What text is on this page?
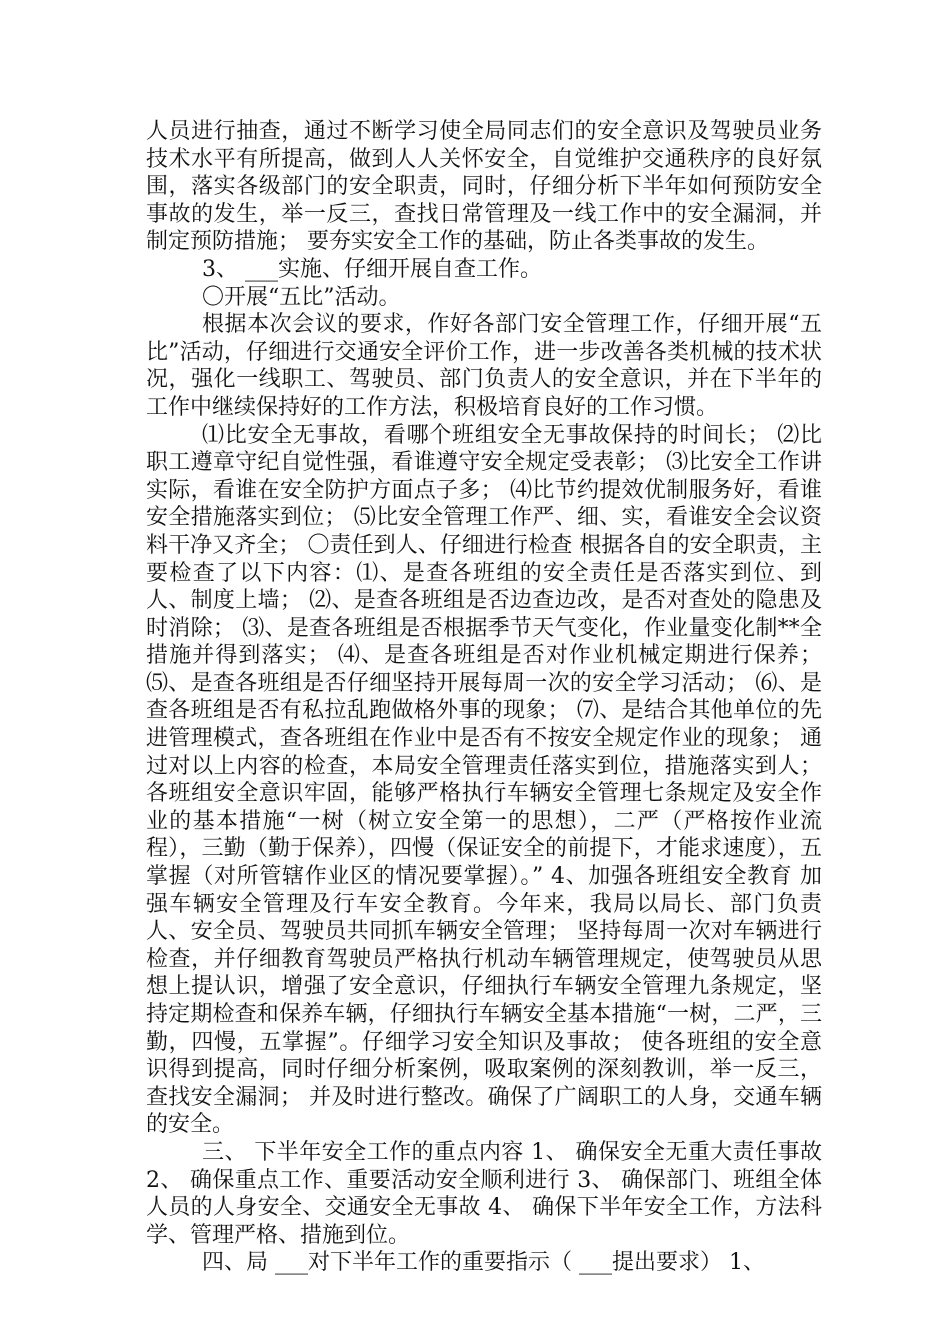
人员进行抽查，通过不断学习使全局同志们的安全意识及驾驶员业务技术水平有所提高，做到人人关怀安全，自觉维护交通秩序的良好氛围，落实各级部门的安全职责，同时，仔细分析下半年如何预防安全事故的发生，举一反三，查找日常管理及一线工作中的安全漏洞，并制定预防措施； 要夯实安全工作的基础，防止各类事故的发生。

3、 ___实施、仔细开展自查工作。

〇开展“五比”活动。

根据本次会议的要求，作好各部门安全管理工作，仔细开展“五比”活动，仔细进行交通安全评价工作，进一步改善各类机械的技术状况，强化一线职工、驾驶员、部门负责人的安全意识，并在下半年的工作中继续保持好的工作方法，积极培育良好的工作习惯。

⑴比安全无事故，看哪个班组安全无事故保持的时间长； ⑵比职工遵章守纪自觉性强，看谁遵守安全规定受表彰； ⑶比安全工作讲实际，看谁在安全防护方面点子多； ⑷比节约提效优制服务好，看谁安全措施落实到位； ⑸比安全管理工作严、细、实，看谁安全会议资料干净又齐全； 〇责任到人、仔细进行检查 根据各自的安全职责，主要检查了以下内容：⑴、是查各班组的安全责任是否落实到位、到人、制度上墙； ⑵、是查各班组是否边查边改，是否对查处的隐患及时消除； ⑶、是查各班组是否根据季节天气变化，作业量变化制**全措施并得到落实； ⑷、是查各班组是否对作业机械定期进行保养； ⑸、是查各班组是否仔细坚持开展每周一次的安全学习活动； ⑹、是查各班组是否有私拉乱跑做格外事的现象； ⑺、是结合其他单位的先进管理模式，查各班组在作业中是否有不按安全规定作业的现象； 通过对以上内容的检查，本局安全管理责任落实到位，措施落实到人； 各班组安全意识牢固，能够严格执行车辆安全管理七条规定及安全作业的基本措施“一树（树立安全第一的思想），二严（严格按作业流程），三勤（勤于保养），四慢（保证安全的前提下，才能求速度），五掌握（对所管辖作业区的情况要掌握）。” 4、加强各班组安全教育 加强车辆安全管理及行车安全教育。今年来，我局以局长、部门负责人、安全员、驾驶员共同抓车辆安全管理； 坚持每周一次对车辆进行检查，并仔细教育驾驶员严格执行机动车辆管理规定，使驾驶员从思想上提认识，增强了安全意识，仔细执行车辆安全管理九条规定，坚持定期检查和保养车辆，仔细执行车辆安全基本措施“一树，二严，三勤，四慢，五掌握”。仔细学习安全知识及事故； 使各班组的安全意识得到提高，同时仔细分析案例，吸取案例的深刻教训，举一反三，查找安全漏洞； 并及时进行整改。确保了广阔职工的人身，交通车辆的安全。

三、 下半年安全工作的重点内容 1、 确保安全无重大责任事故 2、 确保重点工作、重要活动安全顺利进行 3、 确保部门、班组全体人员的人身安全、交通安全无事故 4、 确保下半年安全工作，方法科学、管理严格、措施到位。

四、局 ___对下半年工作的重要指示（ ___提出要求） 1、
